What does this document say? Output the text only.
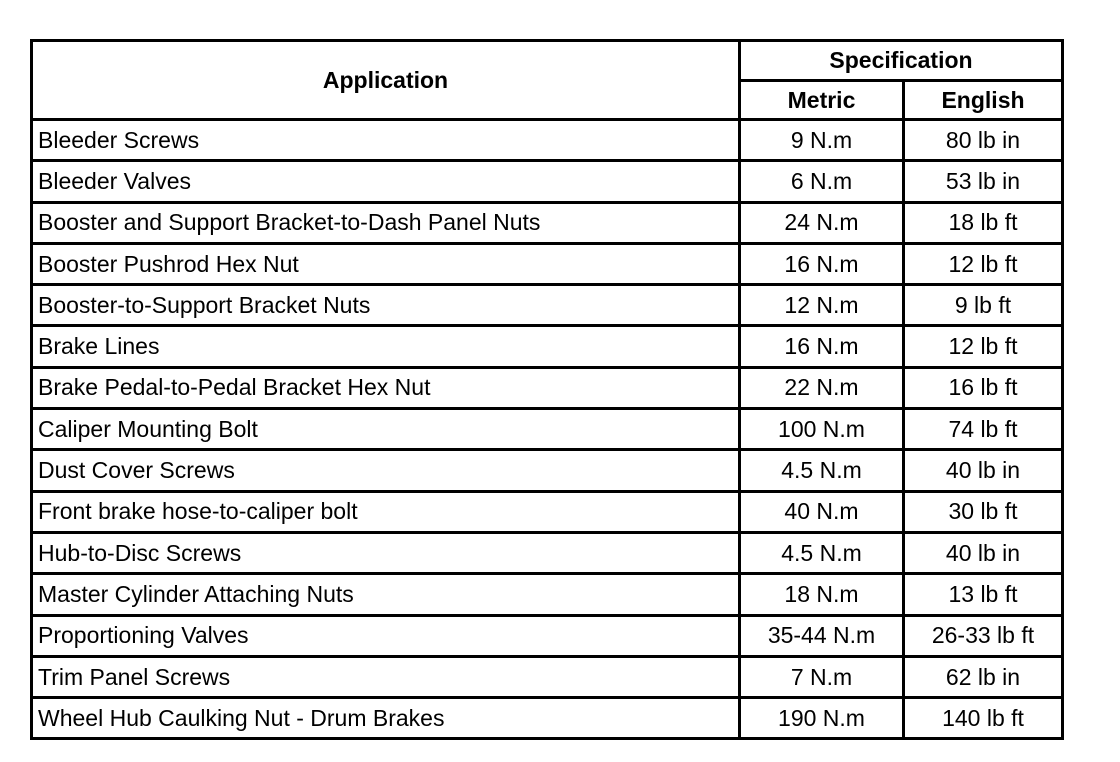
Application	Specification	
	Metric	English
Bleeder Screws	9 N.m	80 lb in
Bleeder Valves	6 N.m	53 lb in
Booster and Support Bracket-to-Dash Panel Nuts	24 N.m	18 lb ft
Booster Pushrod Hex Nut	16 N.m	12 lb ft
Booster-to-Support Bracket Nuts	12 N.m	9 lb ft
Brake Lines	16 N.m	12 lb ft
Brake Pedal-to-Pedal Bracket Hex Nut	22 N.m	16 lb ft
Caliper Mounting Bolt	100 N.m	74 lb ft
Dust Cover Screws	4.5 N.m	40 lb in
Front brake hose-to-caliper bolt	40 N.m	30 lb ft
Hub-to-Disc Screws	4.5 N.m	40 lb in
Master Cylinder Attaching Nuts	18 N.m	13 lb ft
Proportioning Valves	35-44 N.m	26-33 lb ft
Trim Panel Screws	7 N.m	62 lb in
Wheel Hub Caulking Nut - Drum Brakes	190 N.m	140 lb ft
